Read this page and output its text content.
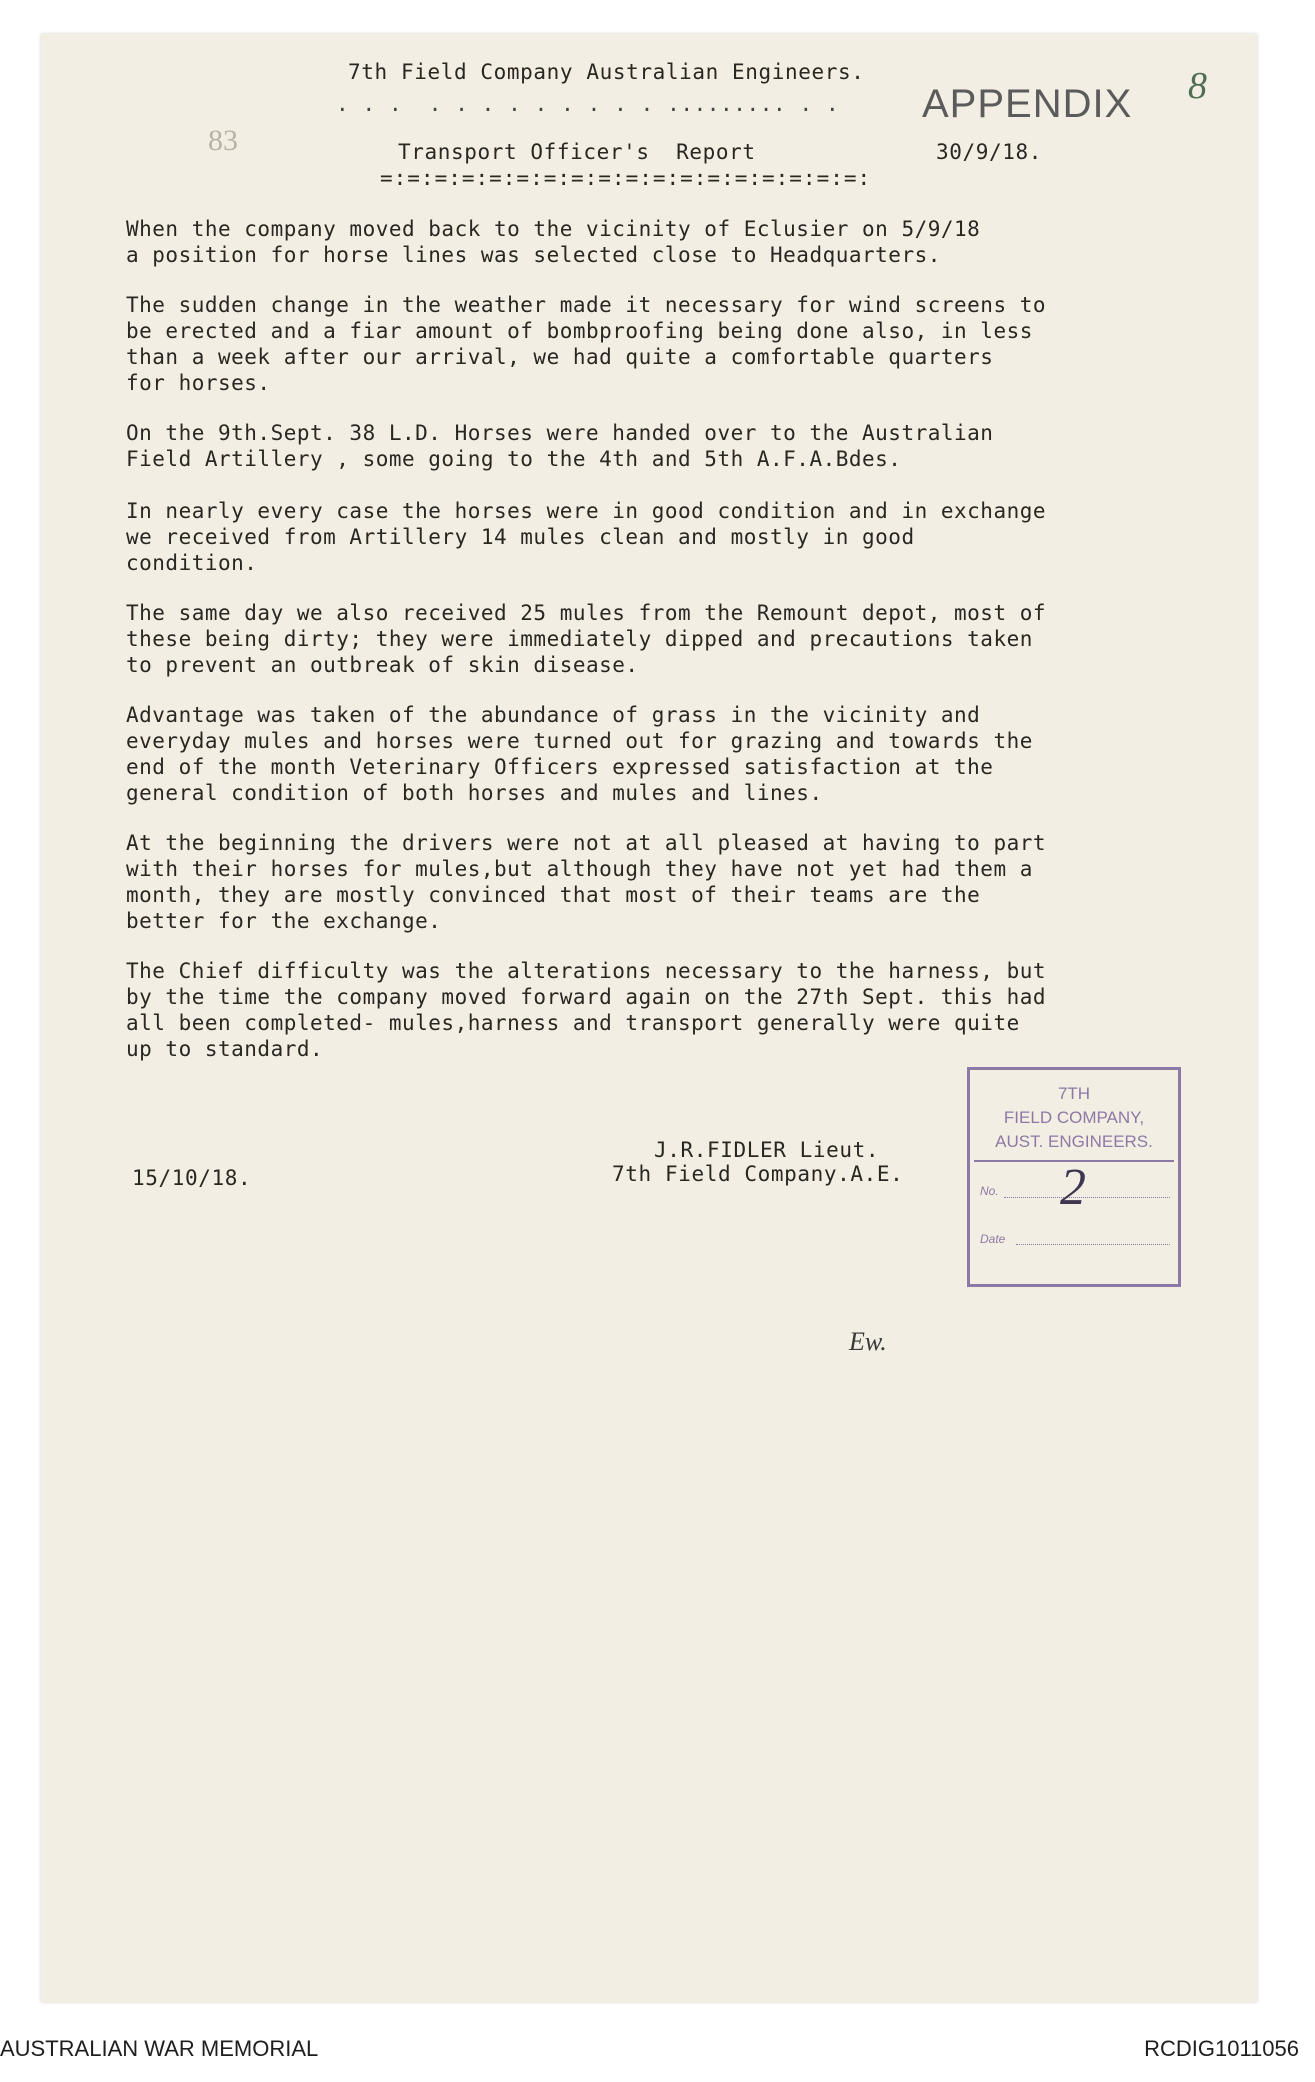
7th Field Company Australian Engineers.
. . .  . . . . . . . . . ......... . . APPENDIX 8
83	Transport Officer's  Report	30/9/18.
=:=:=:=:=:=:=:=:=:=:=:=:=:=:=:=:=:=:
When the company moved back to the vicinity of Eclusier on 5/9/18
a position for horse lines was selected close to Headquarters.
The sudden change in the weather made it necessary for wind screens to
be erected and a fiar amount of bombproofing being done also, in less
than a week after our arrival, we had quite a comfortable quarters
for horses.
On the 9th.Sept. 38 L.D. Horses were handed over to the Australian
Field Artillery , some going to the 4th and 5th A.F.A.Bdes.
In nearly every case the horses were in good condition and in exchange
we received from Artillery 14 mules clean and mostly in good
condition.
The same day we also received 25 mules from the Remount depot, most of
these being dirty; they were immediately dipped and precautions taken
to prevent an outbreak of skin disease.
Advantage was taken of the abundance of grass in the vicinity and
everyday mules and horses were turned out for grazing and towards the
end of the month Veterinary Officers expressed satisfaction at the
general condition of both horses and mules and lines.
At the beginning the drivers were not at all pleased at having to part
with their horses for mules,but although they have not yet had them a
month, they are mostly convinced that most of their teams are the
better for the exchange.
The Chief difficulty was the alterations necessary to the harness, but
by the time the company moved forward again on the 27th Sept. this had
all been completed- mules,harness and transport generally were quite
up to standard.
15/10/18.
J.R.FIDLER Lieut.
7th Field Company.A.E.
7TH
FIELD COMPANY,
AUST. ENGINEERS.
No. 2
Date
Ew.
AUSTRALIAN WAR MEMORIAL	RCDIG1011056
